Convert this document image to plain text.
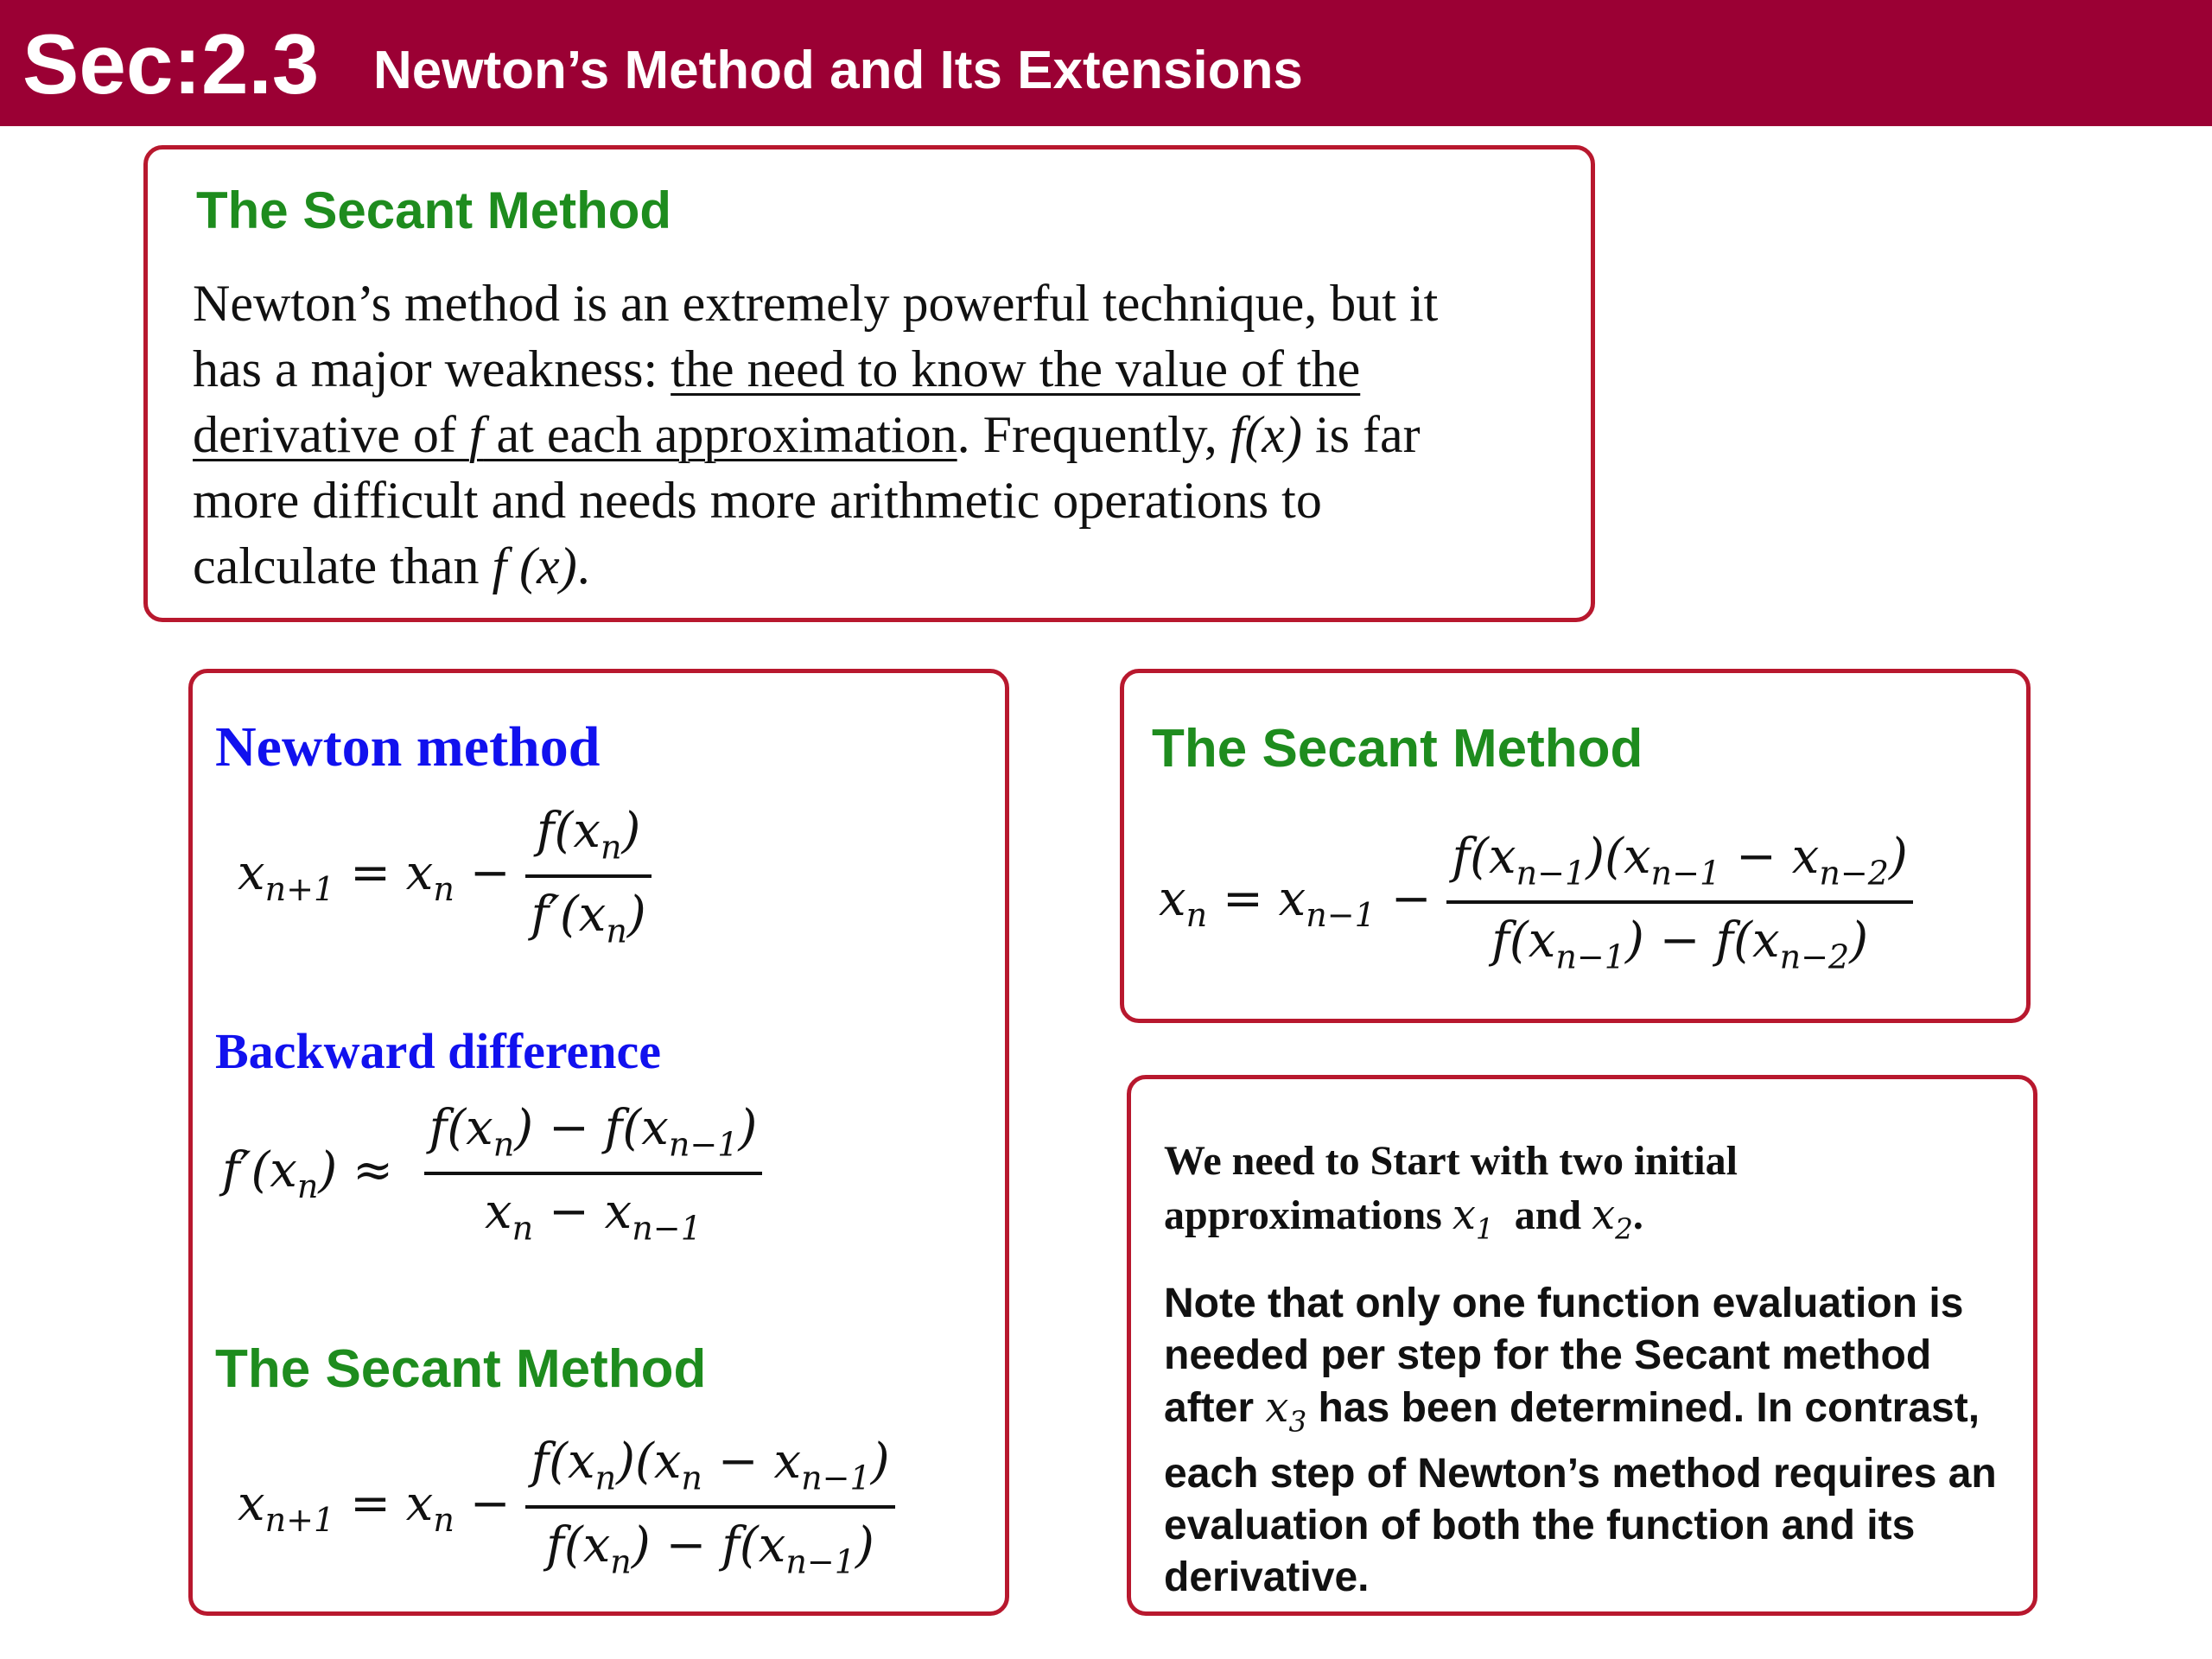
Sec:2.3 Newton’s Method and Its Extensions
The Secant Method
Newton’s method is an extremely powerful technique, but it
has a major weakness: the need to know the value of the
derivative of f at each approximation. Frequently, f(x) is far
more difficult and needs more arithmetic operations to
calculate than f (x).
Newton method
$x_{n+1} = x_n - \frac{f(x_n)}{f'(x_n)}$
Backward difference
$f'(x_n) \approx \frac{f(x_n) - f(x_{n-1})}{x_n - x_{n-1}}$
The Secant Method
$x_{n+1} = x_n - \frac{f(x_n)(x_n - x_{n-1})}{f(x_n) - f(x_{n-1})}$
The Secant Method
$x_n = x_{n-1} - \frac{f(x_{n-1})(x_{n-1} - x_{n-2})}{f(x_{n-1}) - f(x_{n-2})}$
We need to Start with two initial
approximations $x_1$ and $x_2$.
Note that only one function evaluation is
needed per step for the Secant method
after $x_3$ has been determined. In contrast,
each step of Newton’s method requires an
evaluation of both the function and its
derivative.
